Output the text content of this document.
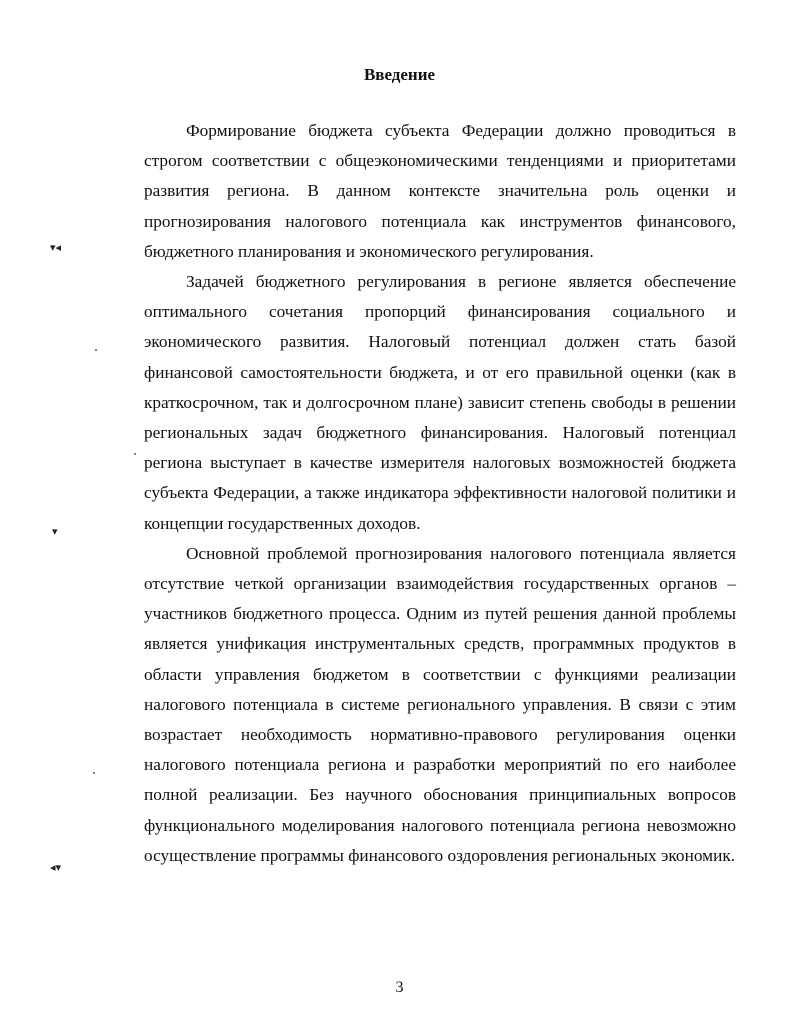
Введение

Формирование бюджета субъекта Федерации должно проводиться в строгом соответствии с общеэкономическими тенденциями и приоритетами развития региона. В данном контексте значительна роль оценки и прогнозирования налогового потенциала как инструментов финансового, бюджетного планирования и экономического регулирования.

Задачей бюджетного регулирования в регионе является обеспечение оптимального сочетания пропорций финансирования социального и экономического развития. Налоговый потенциал должен стать базой финансовой самостоятельности бюджета, и от его правильной оценки (как в краткосрочном, так и долгосрочном плане) зависит степень свободы в решении региональных задач бюджетного финансирования. Налоговый потенциал региона выступает в качестве измерителя налоговых возможностей бюджета субъекта Федерации, а также индикатора эффективности налоговой политики и концепции государственных доходов.

Основной проблемой прогнозирования налогового потенциала является отсутствие четкой организации взаимодействия государственных органов – участников бюджетного процесса. Одним из путей решения данной проблемы является унификация инструментальных средств, программных продуктов в области управления бюджетом в соответствии с функциями реализации налогового потенциала в системе регионального управления. В связи с этим возрастает необходимость нормативно-правового регулирования оценки налогового потенциала региона и разработки мероприятий по его наиболее полной реализации. Без научного обоснования принципиальных вопросов функционального моделирования налогового потенциала региона невозможно осуществление программы финансового оздоровления региональных экономик.

3
▾◂
▾
◂▾
